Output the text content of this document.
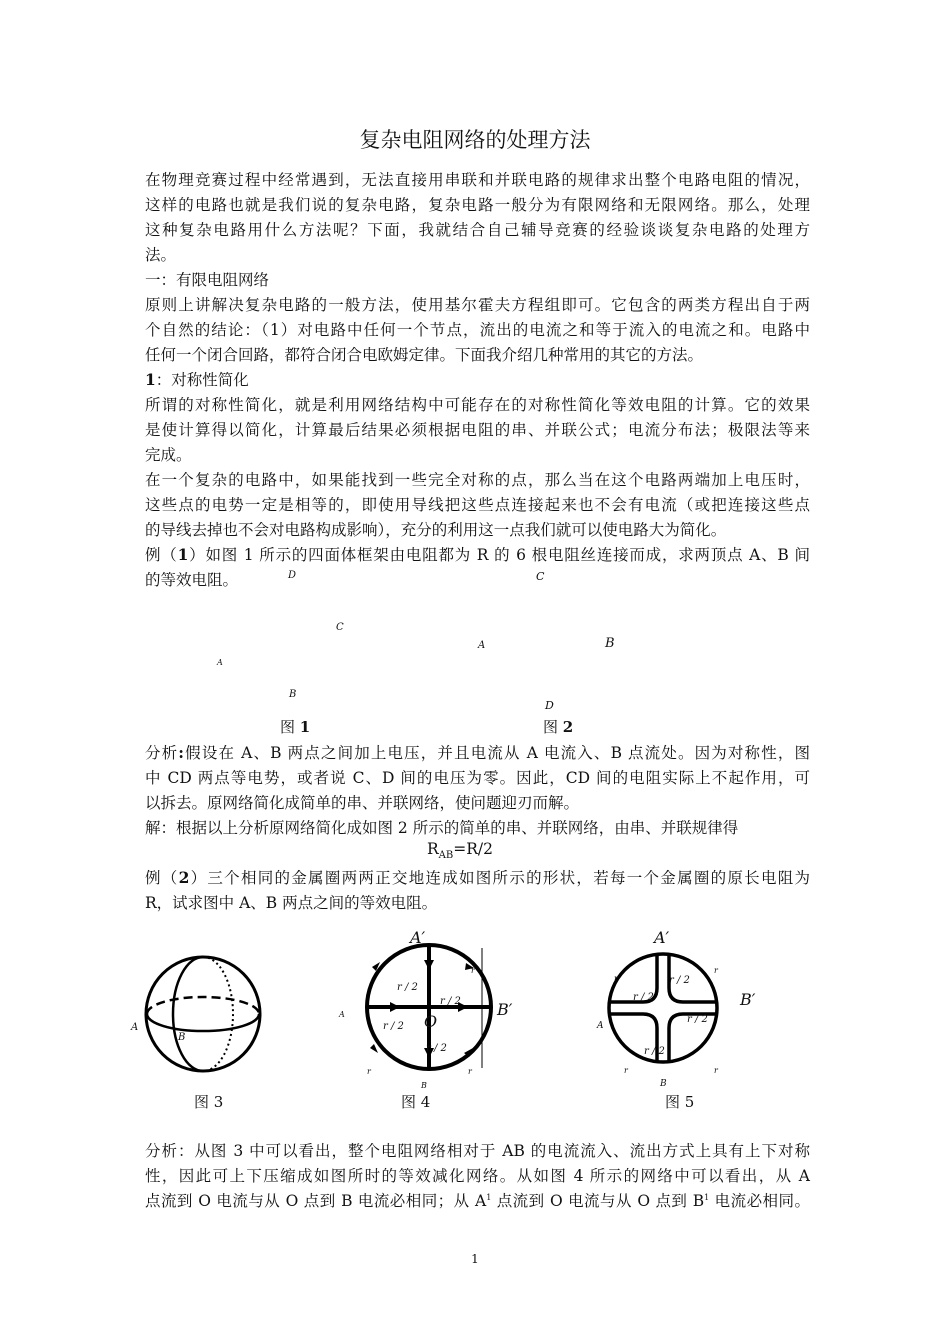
复杂电阻网络的处理方法
在物理竞赛过程中经常遇到，无法直接用串联和并联电路的规律求出整个电路电阻的情况，
这样的电路也就是我们说的复杂电路，复杂电路一般分为有限网络和无限网络。那么，处理
这种复杂电路用什么方法呢？下面，我就结合自己辅导竞赛的经验谈谈复杂电路的处理方
法。
一：有限电阻网络
原则上讲解决复杂电路的一般方法，使用基尔霍夫方程组即可。它包含的两类方程出自于两
个自然的结论：（1）对电路中任何一个节点，流出的电流之和等于流入的电流之和。电路中
任何一个闭合回路，都符合闭合电欧姆定律。下面我介绍几种常用的其它的方法。
1：对称性简化
所谓的对称性简化，就是利用网络结构中可能存在的对称性简化等效电阻的计算。它的效果
是使计算得以简化，计算最后结果必须根据电阻的串、并联公式；电流分布法；极限法等来
完成。
在一个复杂的电路中，如果能找到一些完全对称的点，那么当在这个电路两端加上电压时，
这些点的电势一定是相等的，即使用导线把这些点连接起来也不会有电流（或把连接这些点
的导线去掉也不会对电路构成影响），充分的利用这一点我们就可以使电路大为简化。
例（1）如图 1 所示的四面体框架由电阻都为 R 的 6 根电阻丝连接而成，求两顶点 A、B 间
的等效电阻。	D
C
A
B
C
A	B
D
图 1	图 2
分析:假设在 A、B 两点之间加上电压，并且电流从 A 电流入、B 点流处。因为对称性，图
中 CD 两点等电势，或者说 C、D 间的电压为零。因此，CD 间的电阻实际上不起作用，可
以拆去。原网络简化成简单的串、并联网络，使问题迎刃而解。
解：根据以上分析原网络简化成如图 2 所示的简单的串、并联网络，由串、并联规律得
$R_{AB}=R/2$
例（2）三个相同的金属圈两两正交地连成如图所示的形状，若每一个金属圈的原长电阻为
R，试求图中 A、B 两点之间的等效电阻。
A
B
图 3
A′
B′
O
A
B
r / 2
r / 2
r / 2
r / 2
r
r	r
图 4
A′
B′
A
B
r / 2
r / 2
r / 2
r / 2
r
r
r	r
图 5
分析：从图 3 中可以看出，整个电阻网络相对于 AB 的电流流入、流出方式上具有上下对称
性，因此可上下压缩成如图所时的等效减化网络。从如图 4 所示的网络中可以看出，从 A
点流到 O 电流与从 O 点到 B 电流必相同；从 $A^1$ 点流到 O 电流与从 O 点到 $B^1$ 电流必相同。
1
